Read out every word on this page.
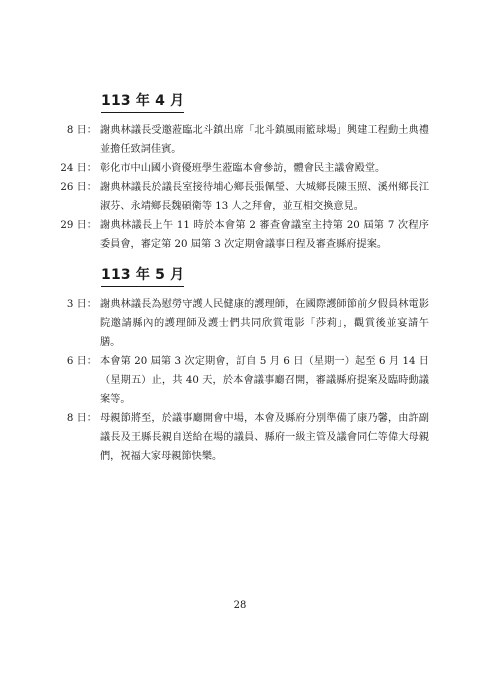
113 年 4 月
8 日： 謝典林議長受邀蒞臨北斗鎮出席「北斗鎮風雨籃球場」興建工程動土典禮並擔任致詞佳賓。
24 日： 彰化市中山國小資優班學生蒞臨本會參訪，體會民主議會殿堂。
26 日： 謝典林議長於議長室接待埔心鄉長張佩瑩、大城鄉長陳玉照、溪州鄉長江淑芬、永靖鄉長魏碩衛等 13 人之拜會，並互相交換意見。
29 日： 謝典林議長上午 11 時於本會第 2 審查會議室主持第 20 屆第 7 次程序委員會，審定第 20 屆第 3 次定期會議事日程及審查縣府提案。
113 年 5 月
3 日： 謝典林議長為慰勞守護人民健康的護理師，在國際護師節前夕假員林電影院邀請縣內的護理師及護士們共同欣賞電影「莎莉」，觀賞後並宴請午膳。
6 日： 本會第 20 屆第 3 次定期會，訂自 5 月 6 日（星期一）起至 6 月 14 日（星期五）止，共 40 天，於本會議事廳召開，審議縣府提案及臨時動議案等。
8 日： 母親節將至，於議事廳開會中場，本會及縣府分別準備了康乃馨，由許副議長及王縣長親自送給在場的議員、縣府一級主管及議會同仁等偉大母親們，祝福大家母親節快樂。
28
